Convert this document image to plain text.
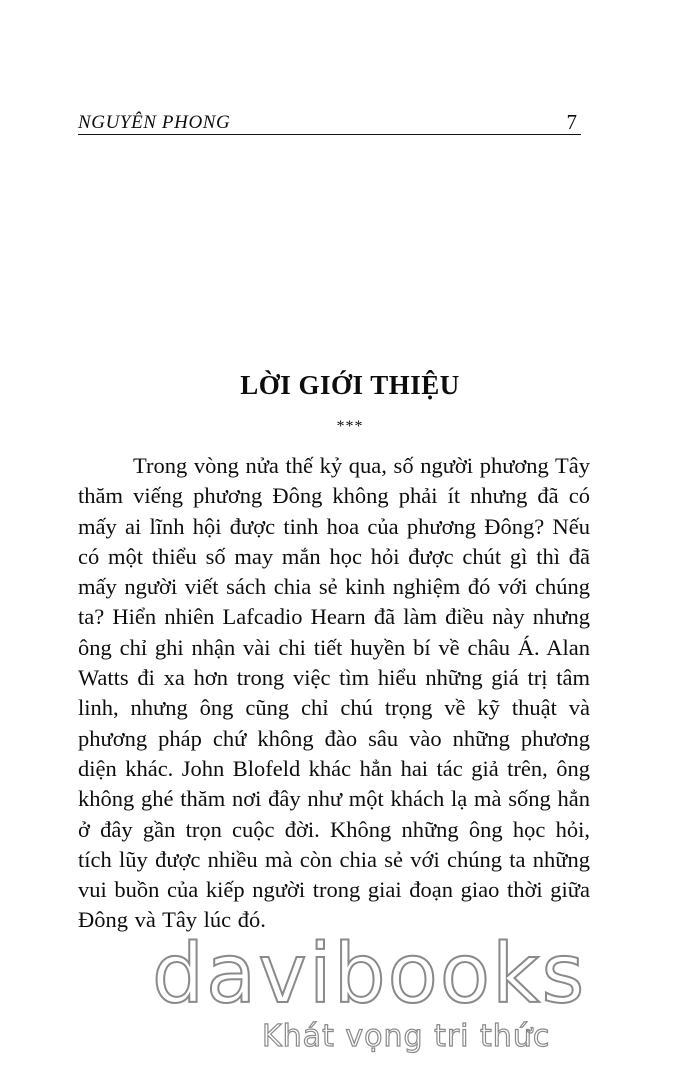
NGUYÊN PHONG	7
LỜI GIỚI THIỆU
***

Trong vòng nửa thế kỷ qua, số người phương Tây thăm viếng phương Đông không phải ít nhưng đã có mấy ai lĩnh hội được tinh hoa của phương Đông? Nếu có một thiểu số may mắn học hỏi được chút gì thì đã mấy người viết sách chia sẻ kinh nghiệm đó với chúng ta? Hiển nhiên Lafcadio Hearn đã làm điều này nhưng ông chỉ ghi nhận vài chi tiết huyền bí về châu Á. Alan Watts đi xa hơn trong việc tìm hiểu những giá trị tâm linh, nhưng ông cũng chỉ chú trọng về kỹ thuật và phương pháp chứ không đào sâu vào những phương diện khác. John Blofeld khác hẳn hai tác giả trên, ông không ghé thăm nơi đây như một khách lạ mà sống hẳn ở đây gần trọn cuộc đời. Không những ông học hỏi, tích lũy được nhiều mà còn chia sẻ với chúng ta những vui buồn của kiếp người trong giai đoạn giao thời giữa Đông và Tây lúc đó.

davibooks
Khát vọng tri thức
